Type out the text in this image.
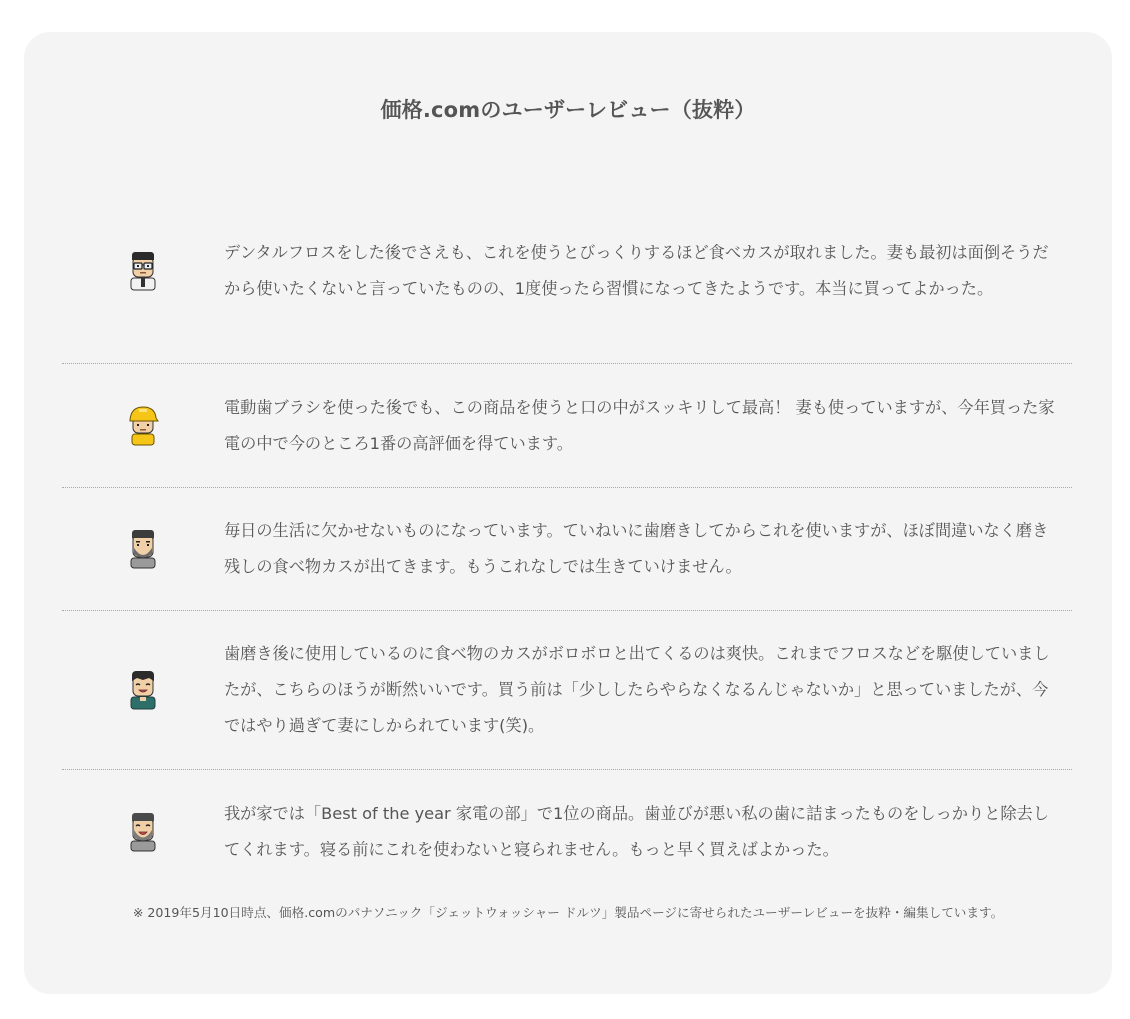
価格.comのユーザーレビュー（抜粋）
デンタルフロスをした後でさえも、これを使うとびっくりするほど食べカスが取れました。妻も最初は面倒そうだから使いたくないと言っていたものの、1度使ったら習慣になってきたようです。本当に買ってよかった。
電動歯ブラシを使った後でも、この商品を使うと口の中がスッキリして最高！ 妻も使っていますが、今年買った家電の中で今のところ1番の高評価を得ています。
毎日の生活に欠かせないものになっています。ていねいに歯磨きしてからこれを使いますが、ほぼ間違いなく磨き残しの食べ物カスが出てきます。もうこれなしでは生きていけません。
歯磨き後に使用しているのに食べ物のカスがボロボロと出てくるのは爽快。これまでフロスなどを駆使していましたが、こちらのほうが断然いいです。買う前は「少ししたらやらなくなるんじゃないか」と思っていましたが、今ではやり過ぎて妻にしかられています(笑)。
我が家では「Best of the year 家電の部」で1位の商品。歯並びが悪い私の歯に詰まったものをしっかりと除去してくれます。寝る前にこれを使わないと寝られません。もっと早く買えばよかった。
※ 2019年5月10日時点、価格.comのパナソニック「ジェットウォッシャー ドルツ」製品ページに寄せられたユーザーレビューを抜粋・編集しています。
